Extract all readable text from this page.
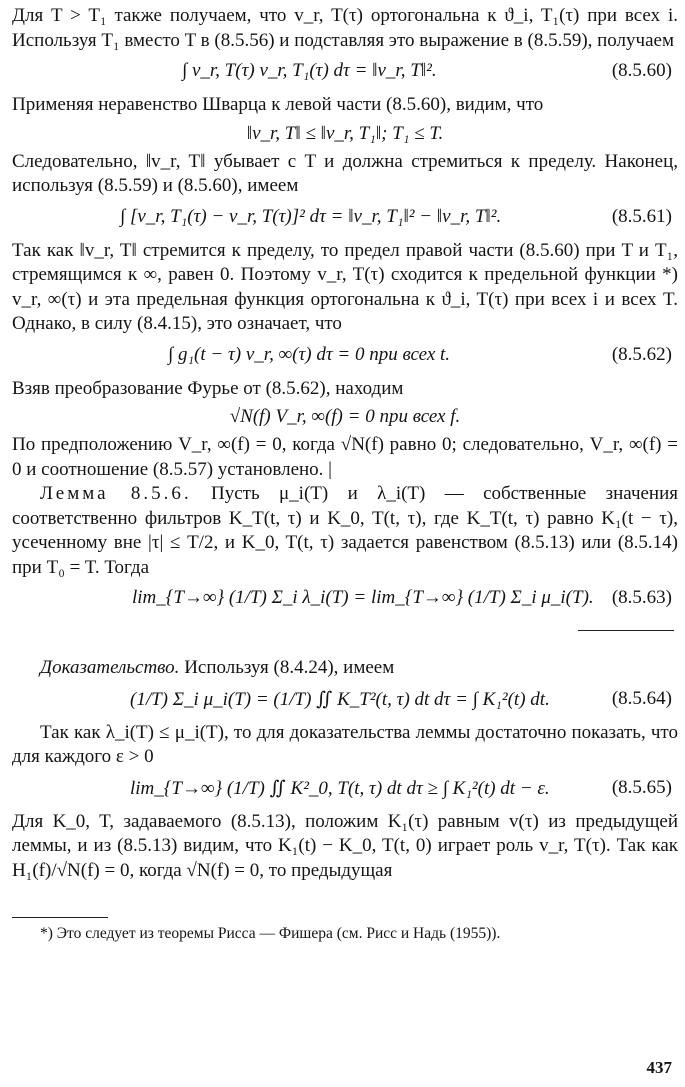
Для T > T₁ также получаем, что v_r, T(τ) ортогональна к ϑ_i, T₁(τ) при всех i. Используя T₁ вместо T в (8.5.56) и подставляя это выражение в (8.5.59), получаем

∫ v_r, T(τ) v_r, T₁(τ) dτ = ‖v_r, T‖².	(8.5.60)

Применяя неравенство Шварца к левой части (8.5.60), видим, что

‖v_r, T‖ ≤ ‖v_r, T₁‖; T₁ ≤ T.

Следовательно, ‖v_r, T‖ убывает с T и должна стремиться к пределу. Наконец, используя (8.5.59) и (8.5.60), имеем

∫ [v_r, T₁(τ) − v_r, T(τ)]² dτ = ‖v_r, T₁‖² − ‖v_r, T‖².	(8.5.61)

Так как ‖v_r, T‖ стремится к пределу, то предел правой части (8.5.60) при T и T₁, стремящимся к ∞, равен 0. Поэтому v_r, T(τ) сходится к предельной функции *) v_r, ∞(τ) и эта предельная функция ортогональна к ϑ_i, T(τ) при всех i и всех T. Однако, в силу (8.4.15), это означает, что

∫ g₁(t − τ) v_r, ∞(τ) dτ = 0 при всех t.	(8.5.62)

Взяв преобразование Фурье от (8.5.62), находим

√N(f) V_r, ∞(f) = 0 при всех f.

По предположению V_r, ∞(f) = 0, когда √N(f) равно 0; следовательно, V_r, ∞(f) = 0 и соотношение (8.5.57) установлено. |

Лемма 8.5.6. Пусть μ_i(T) и λ_i(T) — собственные значения соответственно фильтров K_T(t, τ) и K_0, T(t, τ), где K_T(t, τ) равно K₁(t − τ), усеченному вне |τ| ≤ T/2, и K_0, T(t, τ) задается равенством (8.5.13) или (8.5.14) при T₀ = T. Тогда

lim_{T→∞} (1/T) Σ_i λ_i(T) = lim_{T→∞} (1/T) Σ_i μ_i(T). (8.5.63)

Доказательство. Используя (8.4.24), имеем

(1/T) Σ_i μ_i(T) = (1/T) ∬ K_T²(t, τ) dt dτ = ∫ K₁²(t) dt.	(8.5.64)

Так как λ_i(T) ≤ μ_i(T), то для доказательства леммы достаточно показать, что для каждого ε > 0

lim_{T→∞} (1/T) ∬ K²_0, T(t, τ) dt dτ ≥ ∫ K₁²(t) dt − ε.	(8.5.65)

Для K_0, T, задаваемого (8.5.13), положим K₁(τ) равным v(τ) из предыдущей леммы, и из (8.5.13) видим, что K₁(t) − K_0, T(t, 0) играет роль v_r, T(τ). Так как H₁(f)/√N(f) = 0, когда √N(f) = 0, то предыдущая

*) Это следует из теоремы Рисса — Фишера (см. Рисс и Надь (1955)).

437
